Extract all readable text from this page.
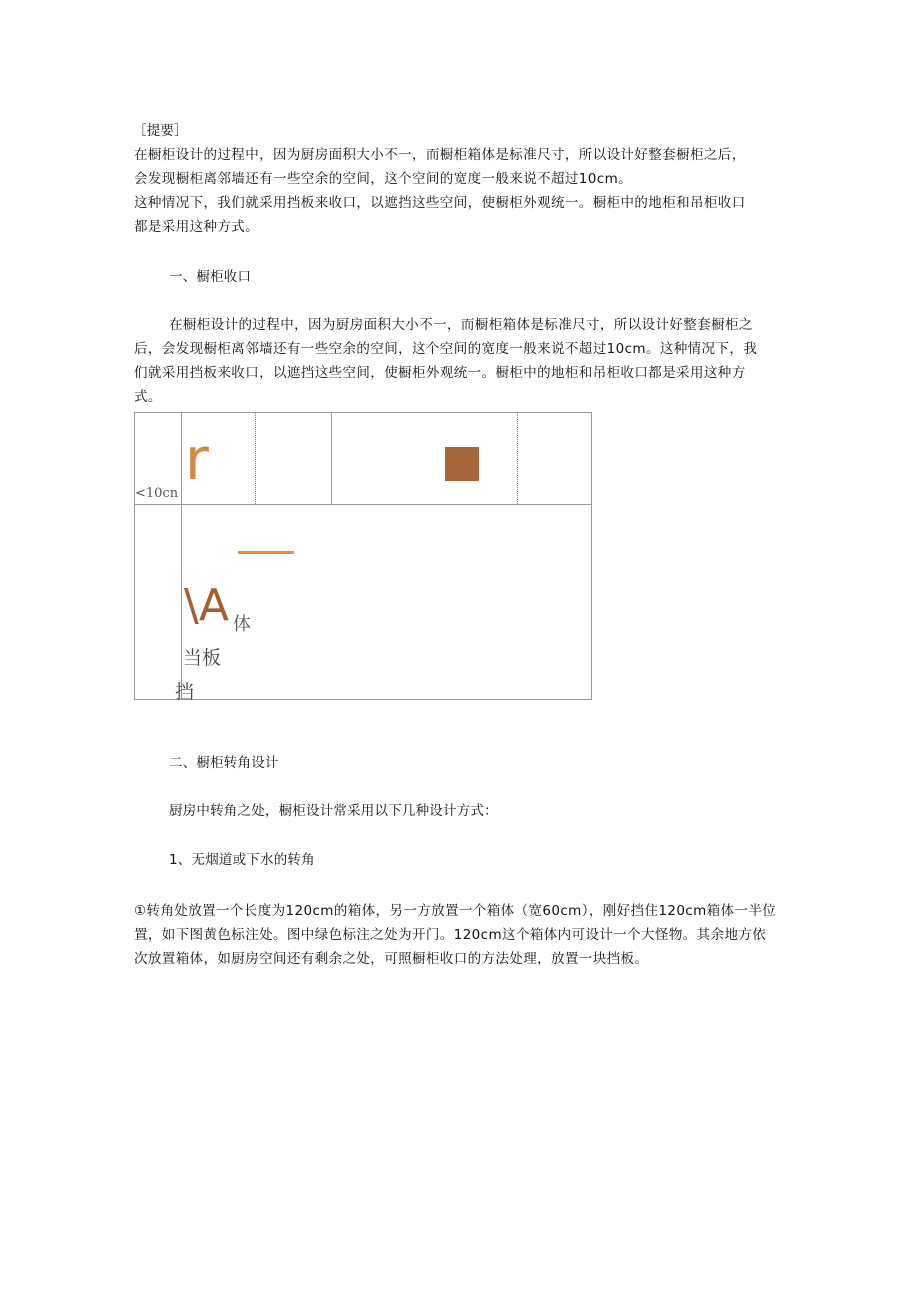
［提要］

在橱柜设计的过程中，因为厨房面积大小不一，而橱柜箱体是标准尺寸，所以设计好整套橱柜之后，

会发现橱柜离邻墙还有一些空余的空间，这个空间的宽度一般来说不超过10cm。

这种情况下，我们就采用挡板来收口，以遮挡这些空间，使橱柜外观统一。橱柜中的地柜和吊柜收口

都是采用这种方式。

一、橱柜收口

在橱柜设计的过程中，因为厨房面积大小不一，而橱柜箱体是标准尺寸，所以设计好整套橱柜之

后，会发现橱柜离邻墙还有一些空余的空间，这个空间的宽度一般来说不超过10cm。这种情况下，我

们就采用挡板来收口，以遮挡这些空间，使橱柜外观统一。橱柜中的地柜和吊柜收口都是采用这种方

式。

<10cn
r
\A 体
当板
挡
二、橱柜转角设计
厨房中转角之处，橱柜设计常采用以下几种设计方式：
1、无烟道或下水的转角

①转角处放置一个长度为120cm的箱体，另一方放置一个箱体（宽60cm），刚好挡住120cm箱体一半位

置，如下图黄色标注处。图中绿色标注之处为开门。120cm这个箱体内可设计一个大怪物。其余地方依

次放置箱体，如厨房空间还有剩余之处，可照橱柜收口的方法处理，放置一块挡板。
